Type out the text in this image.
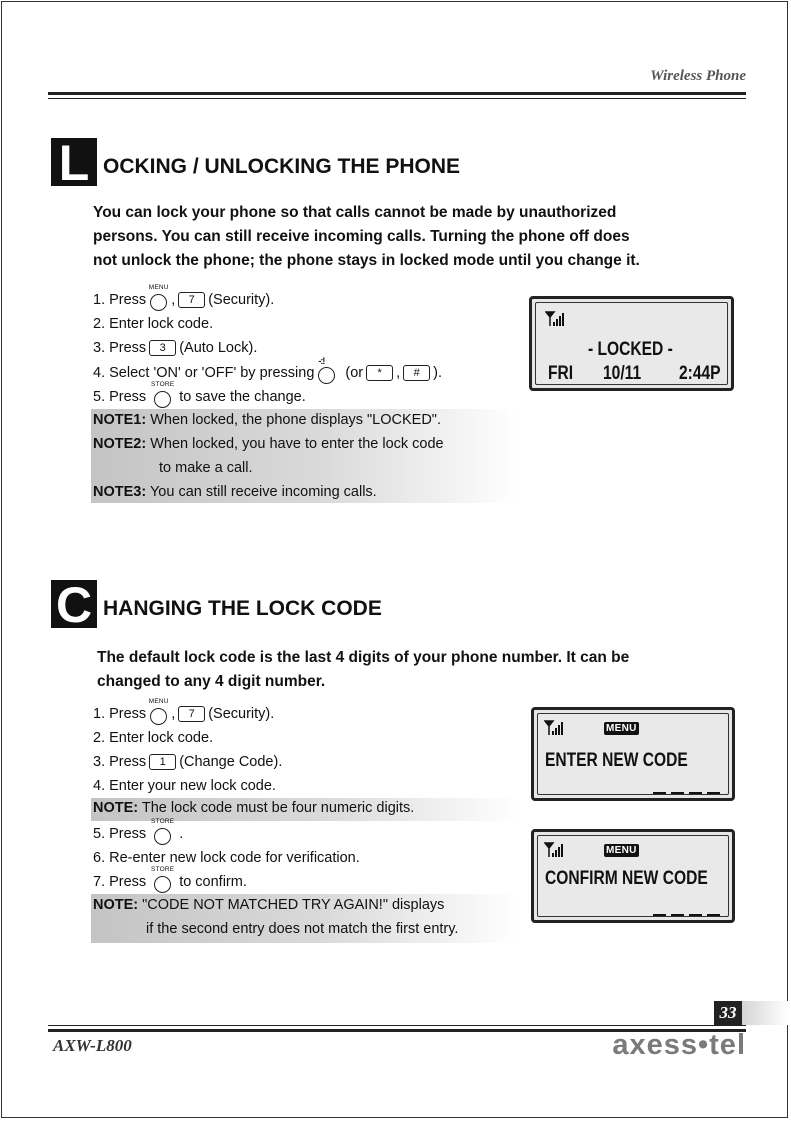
Wireless Phone
L OCKING / UNLOCKING THE PHONE
You can lock your phone so that calls cannot be made by unauthorized
persons. You can still receive incoming calls. Turning the phone off does
not unlock the phone; the phone stays in locked mode until you change it.
1. Press
MENU
,	7 (Security).
2. Enter lock code.
3. Press	3 (Auto Lock).
4. Select 'ON' or 'OFF' by pressing
-:!
(or	* ,	# ).
5. Press
STORE
to save the change.
NOTE1: When locked, the phone displays "LOCKED".
NOTE2: When locked, you have to enter the lock code
to make a call.
NOTE3: You can still receive incoming calls.
- LOCKED -
FRI 10/11 2:44P
C HANGING THE LOCK CODE
The default lock code is the last 4 digits of your phone number. It can be
changed to any 4 digit number.
1. Press
MENU
,	7 (Security).
2. Enter lock code.
3. Press	1 (Change Code).
4. Enter your new lock code.
NOTE: The lock code must be four numeric digits.
5. Press
STORE
.
6. Re-enter new lock code for verification.
7. Press
STORE
to confirm.
NOTE: "CODE NOT MATCHED TRY AGAIN!" displays
if the second entry does not match the first entry.
MENU
ENTER NEW CODE
MENU
CONFIRM NEW CODE
33
AXW-L800	axess•tel
